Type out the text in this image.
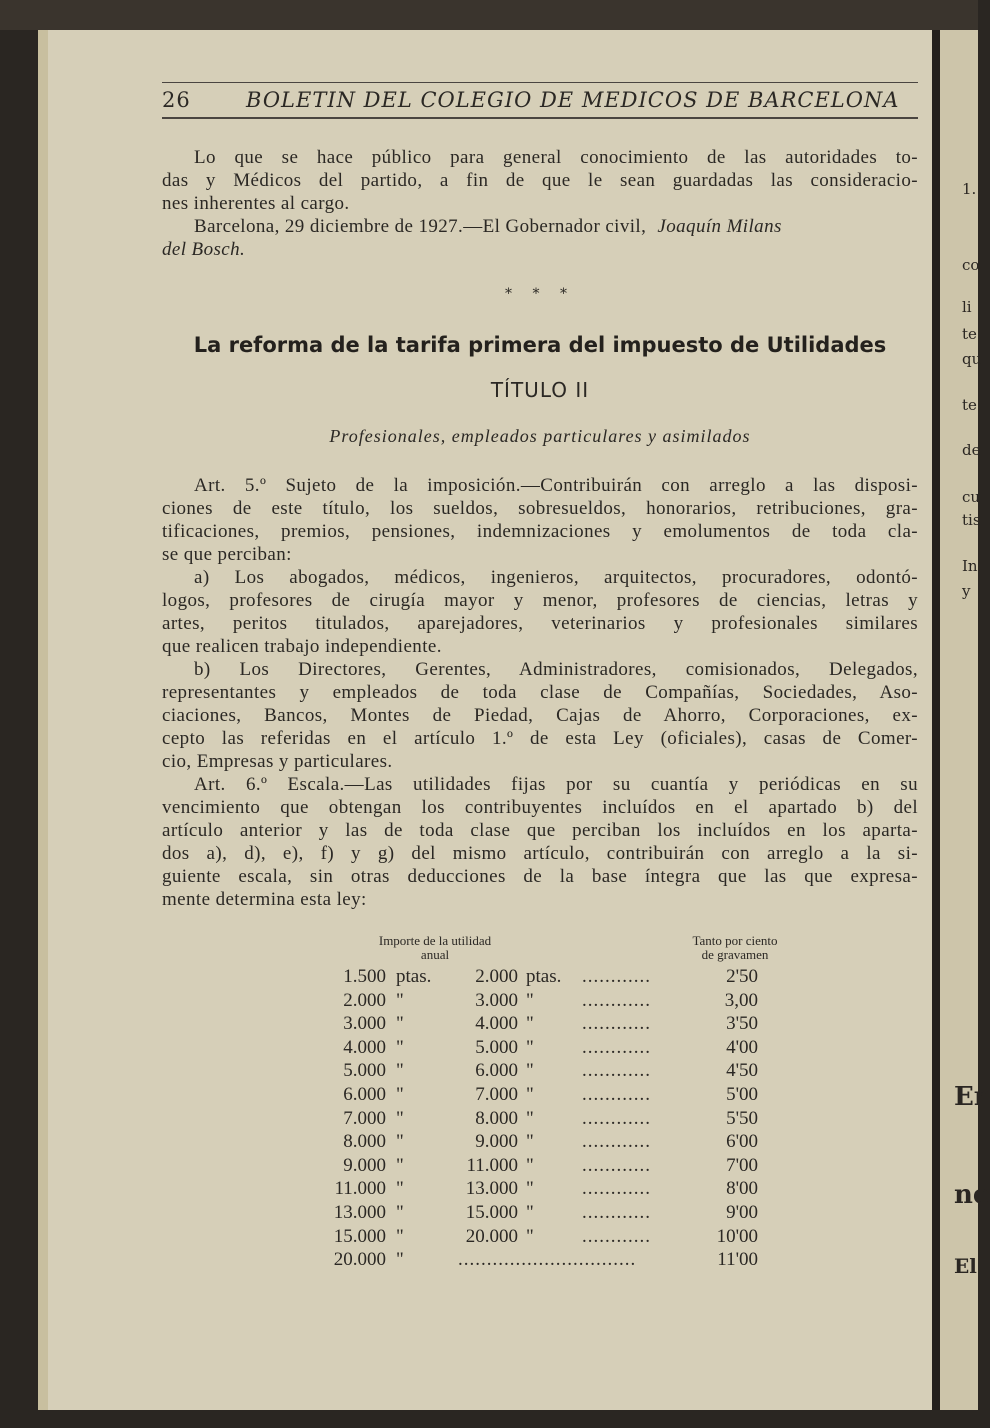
1.
co
li
te
qu
te
de
cu
tis
In
y
Er
no
El
26	BOLETIN DEL COLEGIO DE MEDICOS DE BARCELONA
Lo que se hace público para general conocimiento de las autoridades to-
das y Médicos del partido, a fin de que le sean guardadas las consideracio-
nes inherentes al cargo.
Barcelona, 29 diciembre de 1927.—El Gobernador civil, Joaquín Milans
del Bosch.
* * *
La reforma de la tarifa primera del impuesto de Utilidades
TÍTULO II
Profesionales, empleados particulares y asimilados
Art. 5.º Sujeto de la imposición.—Contribuirán con arreglo a las disposi-
ciones de este título, los sueldos, sobresueldos, honorarios, retribuciones, gra-
tificaciones, premios, pensiones, indemnizaciones y emolumentos de toda cla-
se que perciban:
a) Los abogados, médicos, ingenieros, arquitectos, procuradores, odontó-
logos, profesores de cirugía mayor y menor, profesores de ciencias, letras y
artes, peritos titulados, aparejadores, veterinarios y profesionales similares
que realicen trabajo independiente.
b) Los Directores, Gerentes, Administradores, comisionados, Delegados,
representantes y empleados de toda clase de Compañías, Sociedades, Aso-
ciaciones, Bancos, Montes de Piedad, Cajas de Ahorro, Corporaciones, ex-
cepto las referidas en el artículo 1.º de esta Ley (oficiales), casas de Comer-
cio, Empresas y particulares.
Art. 6.º Escala.—Las utilidades fijas por su cuantía y periódicas en su
vencimiento que obtengan los contribuyentes incluídos en el apartado b) del
artículo anterior y las de toda clase que perciban los incluídos en los aparta-
dos a), d), e), f) y g) del mismo artículo, contribuirán con arreglo a la si-
guiente escala, sin otras deducciones de la base íntegra que las que expresa-
mente determina esta ley:
Importe de la utilidad
anual
Tanto por ciento
de gravamen
1.500 ptas.	2.000 ptas. ............	2'50
2.000 "	3.000 "	............	3,00
3.000 "	4.000 "	............	3'50
4.000 "	5.000 "	............	4'00
5.000 "	6.000 "	............	4'50
6.000 "	7.000 "	............	5'00
7.000 "	8.000 "	............	5'50
8.000 "	9.000 "	............	6'00
9.000 "	11.000 "	............	7'00
11.000 "	13.000 "	............	8'00
13.000 "	15.000 "	............	9'00
15.000 "	20.000 "	............	10'00
20.000 "	...............................	11'00
